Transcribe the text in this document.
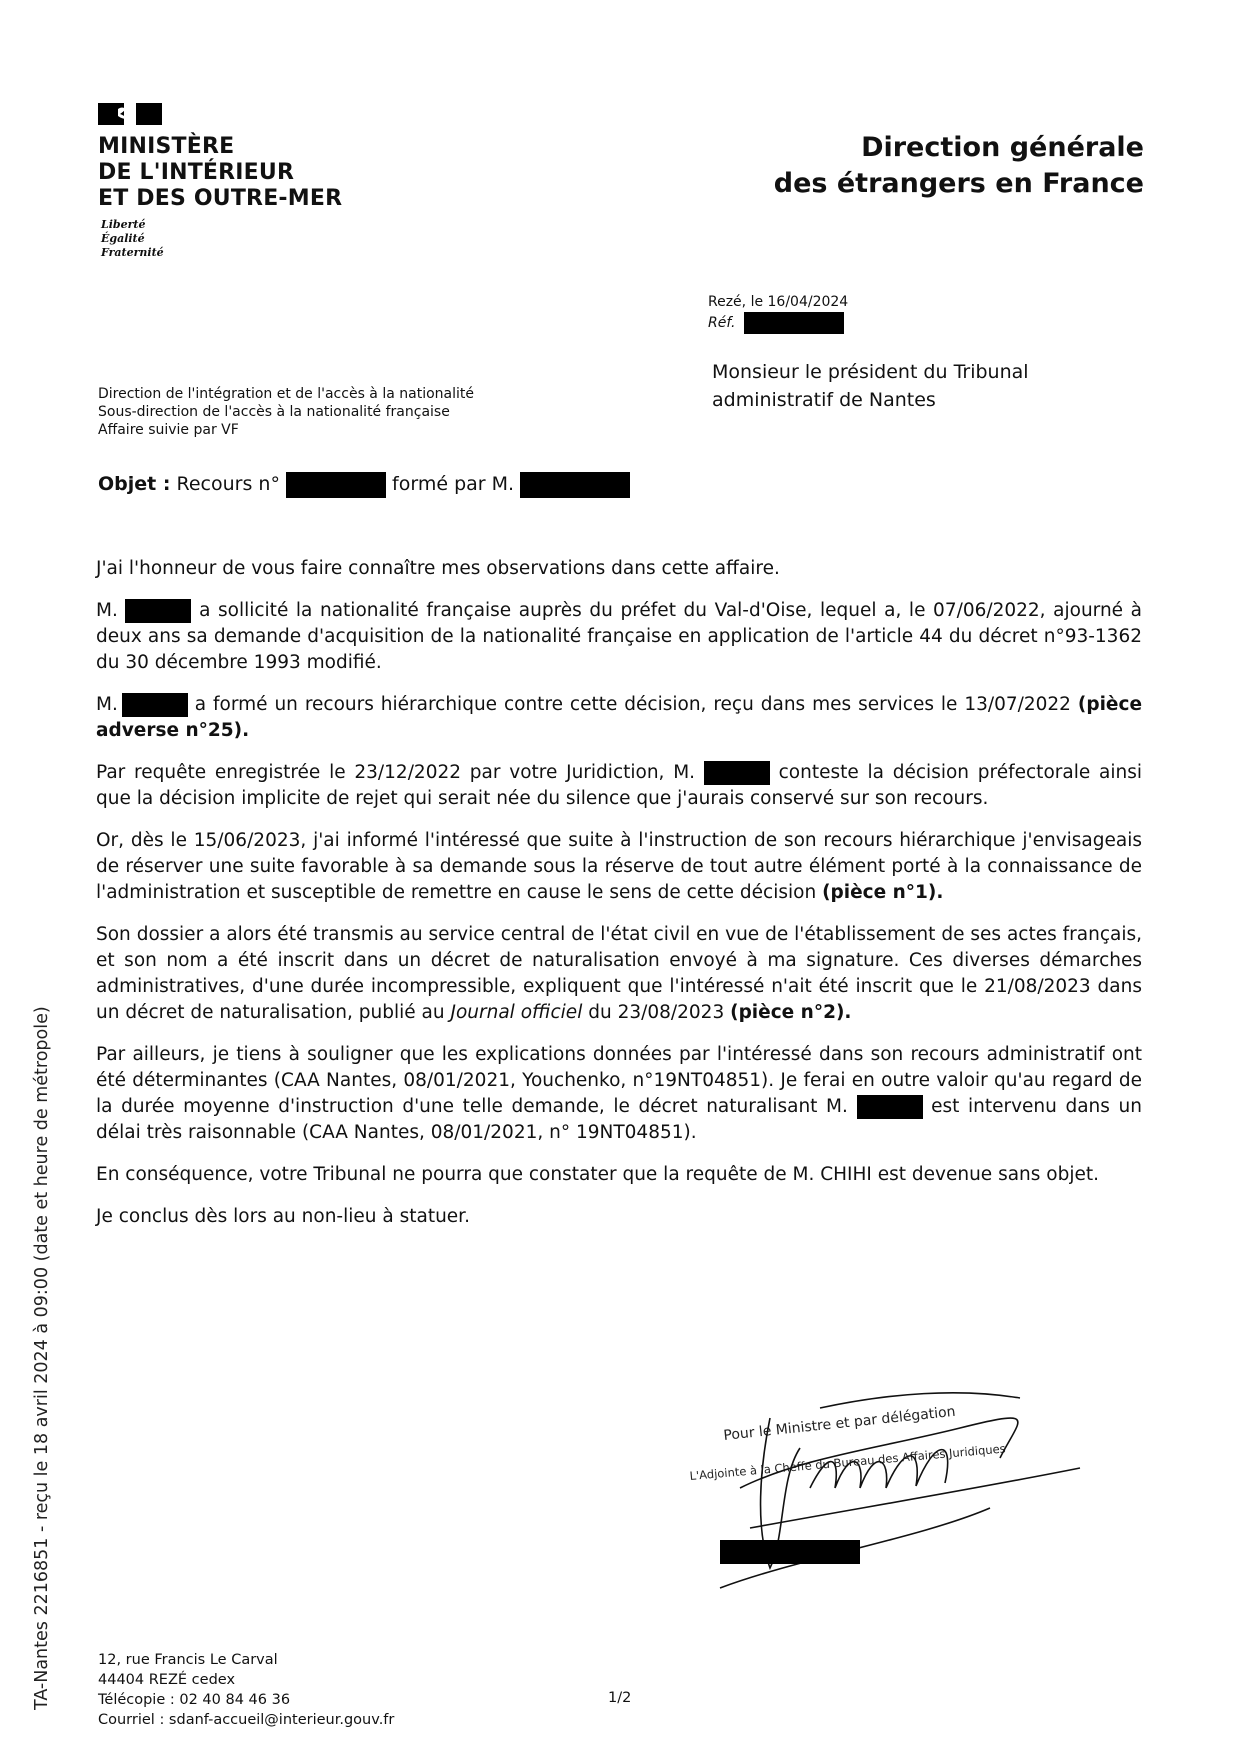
MINISTÈRE
DE L'INTÉRIEUR
ET DES OUTRE-MER
Liberté
Égalité
Fraternité
Direction générale
des étrangers en France
Rezé, le 16/04/2024
Réf.
Monsieur le président du Tribunal
administratif de Nantes
Direction de l'intégration et de l'accès à la nationalité
Sous-direction de l'accès à la nationalité française
Affaire suivie par VF
Objet : Recours n°	formé par M.

J'ai l'honneur de vous faire connaître mes observations dans cette affaire.

M.	a sollicité la nationalité française auprès du préfet du Val-d'Oise, lequel a, le 07/06/2022, ajourné à deux ans sa demande d'acquisition de la nationalité française en application de l'article 44 du décret n°93-1362 du 30 décembre 1993 modifié.

M.	a formé un recours hiérarchique contre cette décision, reçu dans mes services le 13/07/2022 (pièce adverse n°25).

Par requête enregistrée le 23/12/2022 par votre Juridiction, M.	conteste la décision préfectorale ainsi que la décision implicite de rejet qui serait née du silence que j'aurais conservé sur son recours.

Or, dès le 15/06/2023, j'ai informé l'intéressé que suite à l'instruction de son recours hiérarchique j'envisageais de réserver une suite favorable à sa demande sous la réserve de tout autre élément porté à la connaissance de l'administration et susceptible de remettre en cause le sens de cette décision (pièce n°1).

Son dossier a alors été transmis au service central de l'état civil en vue de l'établissement de ses actes français, et son nom a été inscrit dans un décret de naturalisation envoyé à ma signature. Ces diverses démarches administratives, d'une durée incompressible, expliquent que l'intéressé n'ait été inscrit que le 21/08/2023 dans un décret de naturalisation, publié au Journal officiel du 23/08/2023 (pièce n°2).

Par ailleurs, je tiens à souligner que les explications données par l'intéressé dans son recours administratif ont été déterminantes (CAA Nantes, 08/01/2021, Youchenko, n°19NT04851). Je ferai en outre valoir qu'au regard de la durée moyenne d'instruction d'une telle demande, le décret naturalisant M.	est intervenu dans un délai très raisonnable (CAA Nantes, 08/01/2021, n° 19NT04851).

En conséquence, votre Tribunal ne pourra que constater que la requête de M. CHIHI est devenue sans objet.

Je conclus dès lors au non-lieu à statuer.

Pour le Ministre et par délégation
L'Adjointe à la Cheffe du Bureau des Affaires Juridiques
12, rue Francis Le Carval
44404 REZÉ cedex
Télécopie : 02 40 84 46 36
Courriel : sdanf-accueil@interieur.gouv.fr
1/2
TA-Nantes 2216851 - reçu le 18 avril 2024 à 09:00 (date et heure de métropole)
